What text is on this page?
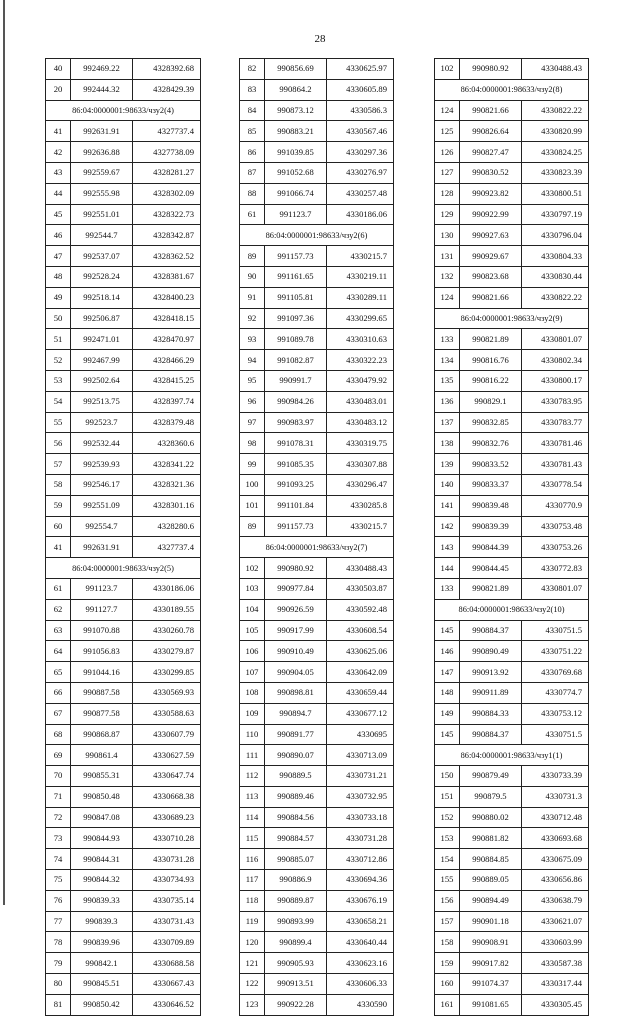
28
40	992469.22	4328392.68
20	992444.32	4328429.39
86:04:0000001:98633/чзу2(4)		
41	992631.91	4327737.4
42	992636.88	4327738.09
43	992559.67	4328281.27
44	992555.98	4328302.09
45	992551.01	4328322.73
46	992544.7	4328342.87
47	992537.07	4328362.52
48	992528.24	4328381.67
49	992518.14	4328400.23
50	992506.87	4328418.15
51	992471.01	4328470.97
52	992467.99	4328466.29
53	992502.64	4328415.25
54	992513.75	4328397.74
55	992523.7	4328379.48
56	992532.44	4328360.6
57	992539.93	4328341.22
58	992546.17	4328321.36
59	992551.09	4328301.16
60	992554.7	4328280.6
41	992631.91	4327737.4
86:04:0000001:98633/чзу2(5)		
61	991123.7	4330186.06
62	991127.7	4330189.55
63	991070.88	4330260.78
64	991056.83	4330279.87
65	991044.16	4330299.85
66	990887.58	4330569.93
67	990877.58	4330588.63
68	990868.87	4330607.79
69	990861.4	4330627.59
70	990855.31	4330647.74
71	990850.48	4330668.38
72	990847.08	4330689.23
73	990844.93	4330710.28
74	990844.31	4330731.28
75	990844.32	4330734.93
76	990839.33	4330735.14
77	990839.3	4330731.43
78	990839.96	4330709.89
79	990842.1	4330688.58
80	990845.51	4330667.43
81	990850.42	4330646.52
82	990856.69	4330625.97
83	990864.2	4330605.89
84	990873.12	4330586.3
85	990883.21	4330567.46
86	991039.85	4330297.36
87	991052.68	4330276.97
88	991066.74	4330257.48
61	991123.7	4330186.06
86:04:0000001:98633/чзу2(6)		
89	991157.73	4330215.7
90	991161.65	4330219.11
91	991105.81	4330289.11
92	991097.36	4330299.65
93	991089.78	4330310.63
94	991082.87	4330322.23
95	990991.7	4330479.92
96	990984.26	4330483.01
97	990983.97	4330483.12
98	991078.31	4330319.75
99	991085.35	4330307.88
100	991093.25	4330296.47
101	991101.84	4330285.8
89	991157.73	4330215.7
86:04:0000001:98633/чзу2(7)		
102	990980.92	4330488.43
103	990977.84	4330503.87
104	990926.59	4330592.48
105	990917.99	4330608.54
106	990910.49	4330625.06
107	990904.05	4330642.09
108	990898.81	4330659.44
109	990894.7	4330677.12
110	990891.77	4330695
111	990890.07	4330713.09
112	990889.5	4330731.21
113	990889.46	4330732.95
114	990884.56	4330733.18
115	990884.57	4330731.28
116	990885.07	4330712.86
117	990886.9	4330694.36
118	990889.87	4330676.19
119	990893.99	4330658.21
120	990899.4	4330640.44
121	990905.93	4330623.16
122	990913.51	4330606.33
123	990922.28	4330590
102	990980.92	4330488.43
86:04:0000001:98633/чзу2(8)		
124	990821.66	4330822.22
125	990826.64	4330820.99
126	990827.47	4330824.25
127	990830.52	4330823.39
128	990923.82	4330800.51
129	990922.99	4330797.19
130	990927.63	4330796.04
131	990929.67	4330804.33
132	990823.68	4330830.44
124	990821.66	4330822.22
86:04:0000001:98633/чзу2(9)		
133	990821.89	4330801.07
134	990816.76	4330802.34
135	990816.22	4330800.17
136	990829.1	4330783.95
137	990832.85	4330783.77
138	990832.76	4330781.46
139	990833.52	4330781.43
140	990833.37	4330778.54
141	990839.48	4330770.9
142	990839.39	4330753.48
143	990844.39	4330753.26
144	990844.45	4330772.83
133	990821.89	4330801.07
86:04:0000001:98633/чзу2(10)		
145	990884.37	4330751.5
146	990890.49	4330751.22
147	990913.92	4330769.68
148	990911.89	4330774.7
149	990884.33	4330753.12
145	990884.37	4330751.5
86:04:0000001:98633/чзу1(1)		
150	990879.49	4330733.39
151	990879.5	4330731.3
152	990880.02	4330712.48
153	990881.82	4330693.68
154	990884.85	4330675.09
155	990889.05	4330656.86
156	990894.49	4330638.79
157	990901.18	4330621.07
158	990908.91	4330603.99
159	990917.82	4330587.38
160	991074.37	4330317.44
161	991081.65	4330305.45
